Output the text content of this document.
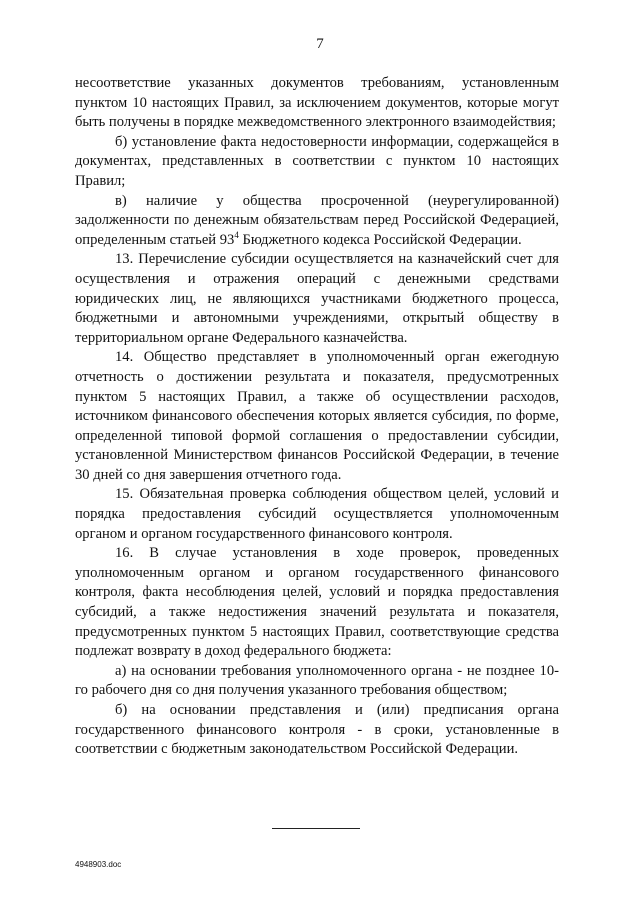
7

несоответствие указанных документов требованиям, установленным пунктом 10 настоящих Правил, за исключением документов, которые могут быть получены в порядке межведомственного электронного взаимодействия;

б) установление факта недостоверности информации, содержащейся в документах, представленных в соответствии с пунктом 10 настоящих Правил;

в) наличие у общества просроченной (неурегулированной) задолженности по денежным обязательствам перед Российской Федерацией, определенным статьей $93^4$ Бюджетного кодекса Российской Федерации.

13. Перечисление субсидии осуществляется на казначейский счет для осуществления и отражения операций с денежными средствами юридических лиц, не являющихся участниками бюджетного процесса, бюджетными и автономными учреждениями, открытый обществу в территориальном органе Федерального казначейства.

14. Общество представляет в уполномоченный орган ежегодную отчетность о достижении результата и показателя, предусмотренных пунктом 5 настоящих Правил, а также об осуществлении расходов, источником финансового обеспечения которых является субсидия, по форме, определенной типовой формой соглашения о предоставлении субсидии, установленной Министерством финансов Российской Федерации, в течение 30 дней со дня завершения отчетного года.

15. Обязательная проверка соблюдения обществом целей, условий и порядка предоставления субсидий осуществляется уполномоченным органом и органом государственного финансового контроля.

16. В случае установления в ходе проверок, проведенных уполномоченным органом и органом государственного финансового контроля, факта несоблюдения целей, условий и порядка предоставления субсидий, а также недостижения значений результата и показателя, предусмотренных пунктом 5 настоящих Правил, соответствующие средства подлежат возврату в доход федерального бюджета:

а) на основании требования уполномоченного органа - не позднее 10-го рабочего дня со дня получения указанного требования обществом;

б) на основании представления и (или) предписания органа государственного финансового контроля - в сроки, установленные в соответствии с бюджетным законодательством Российской Федерации.

4948903.doc
